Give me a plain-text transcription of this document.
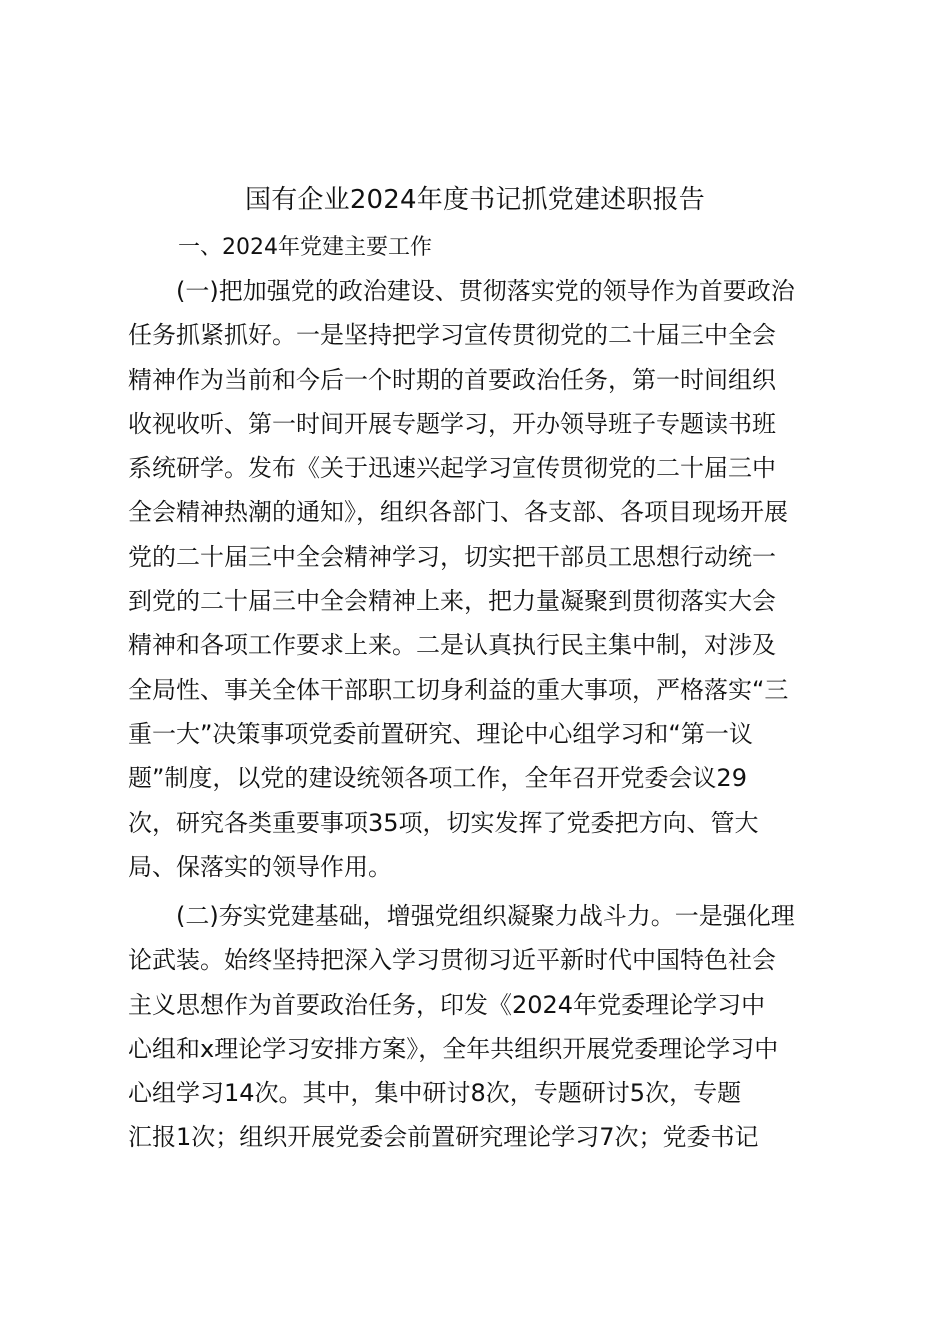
国有企业2024年度书记抓党建述职报告
一、2024年党建主要工作
(一)把加强党的政治建设、贯彻落实党的领导作为首要政治
任务抓紧抓好。一是坚持把学习宣传贯彻党的二十届三中全会
精神作为当前和今后一个时期的首要政治任务，第一时间组织
收视收听、第一时间开展专题学习，开办领导班子专题读书班
系统研学。发布《关于迅速兴起学习宣传贯彻党的二十届三中
全会精神热潮的通知》，组织各部门、各支部、各项目现场开展
党的二十届三中全会精神学习，切实把干部员工思想行动统一
到党的二十届三中全会精神上来，把力量凝聚到贯彻落实大会
精神和各项工作要求上来。二是认真执行民主集中制，对涉及
全局性、事关全体干部职工切身利益的重大事项，严格落实“三
重一大”决策事项党委前置研究、理论中心组学习和“第一议
题”制度，以党的建设统领各项工作，全年召开党委会议29
次，研究各类重要事项35项，切实发挥了党委把方向、管大
局、保落实的领导作用。
(二)夯实党建基础，增强党组织凝聚力战斗力。一是强化理
论武装。始终坚持把深入学习贯彻习近平新时代中国特色社会
主义思想作为首要政治任务，印发《2024年党委理论学习中
心组和x理论学习安排方案》，全年共组织开展党委理论学习中
心组学习14次。其中，集中研讨8次，专题研讨5次，专题
汇报1次；组织开展党委会前置研究理论学习7次；党委书记
